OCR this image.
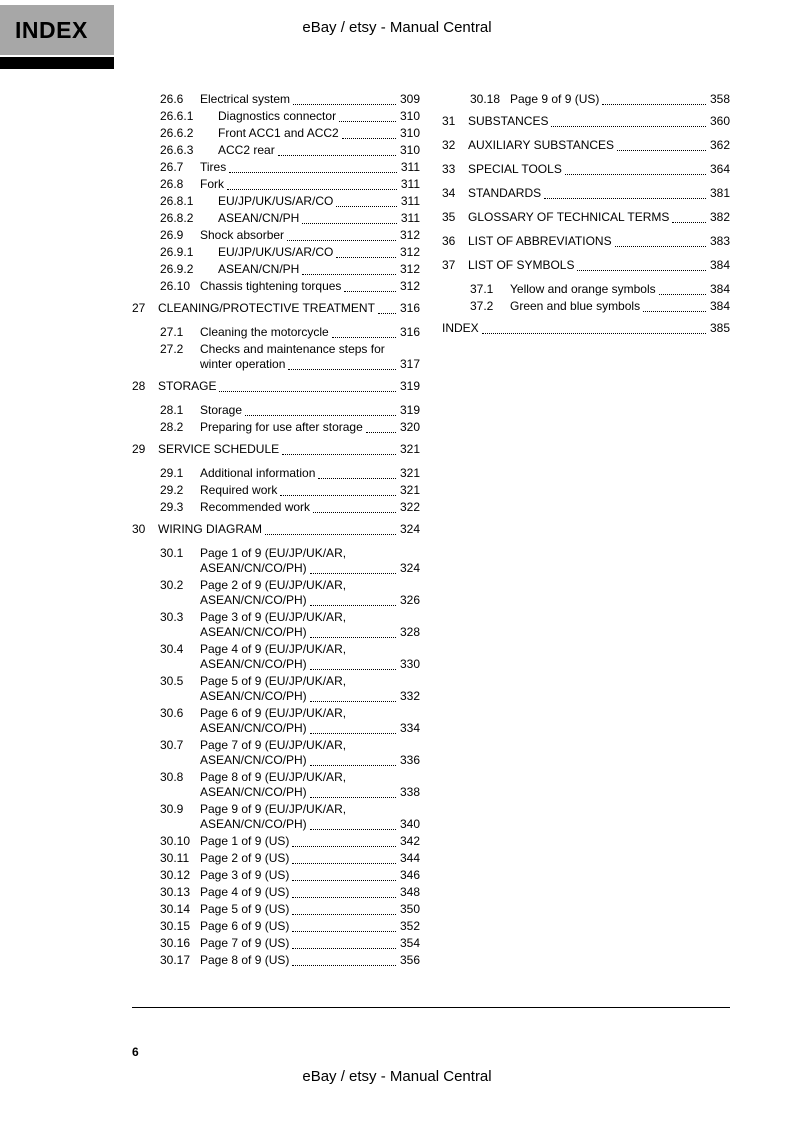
INDEX	eBay / etsy - Manual Central
26.6	Electrical system	309
26.6.1	Diagnostics connector	310
26.6.2	Front ACC1 and ACC2	310
26.6.3	ACC2 rear	310
26.7	Tires	311
26.8	Fork	311
26.8.1	EU/JP/UK/US/AR/CO	311
26.8.2	ASEAN/CN/PH	311
26.9	Shock absorber	312
26.9.1	EU/JP/UK/US/AR/CO	312
26.9.2	ASEAN/CN/PH	312
26.10 Chassis tightening torques	312
27	CLEANING/PROTECTIVE TREATMENT 316
27.1	Cleaning the motorcycle	316
27.2	Checks and maintenance steps for
winter operation	317
28	STORAGE	319
28.1	Storage	319
28.2	Preparing for use after storage	320
29	SERVICE SCHEDULE	321
29.1	Additional information	321
29.2	Required work	321
29.3	Recommended work	322
30	WIRING DIAGRAM	324
30.1	Page 1 of 9 (EU/JP/UK/AR,
ASEAN/CN/CO/PH)	324
30.2	Page 2 of 9 (EU/JP/UK/AR,
ASEAN/CN/CO/PH)	326
30.3	Page 3 of 9 (EU/JP/UK/AR,
ASEAN/CN/CO/PH)	328
30.4	Page 4 of 9 (EU/JP/UK/AR,
ASEAN/CN/CO/PH)	330
30.5	Page 5 of 9 (EU/JP/UK/AR,
ASEAN/CN/CO/PH)	332
30.6	Page 6 of 9 (EU/JP/UK/AR,
ASEAN/CN/CO/PH)	334
30.7	Page 7 of 9 (EU/JP/UK/AR,
ASEAN/CN/CO/PH)	336
30.8	Page 8 of 9 (EU/JP/UK/AR,
ASEAN/CN/CO/PH)	338
30.9	Page 9 of 9 (EU/JP/UK/AR,
ASEAN/CN/CO/PH)	340
30.10 Page 1 of 9 (US)	342
30.11 Page 2 of 9 (US)	344
30.12 Page 3 of 9 (US)	346
30.13 Page 4 of 9 (US)	348
30.14 Page 5 of 9 (US)	350
30.15 Page 6 of 9 (US)	352
30.16 Page 7 of 9 (US)	354
30.17 Page 8 of 9 (US)	356
30.18 Page 9 of 9 (US)	358
31	SUBSTANCES	360
32	AUXILIARY SUBSTANCES	362
33	SPECIAL TOOLS	364
34	STANDARDS	381
35	GLOSSARY OF TECHNICAL TERMS	382
36	LIST OF ABBREVIATIONS	383
37	LIST OF SYMBOLS	384
37.1	Yellow and orange symbols	384
37.2	Green and blue symbols	384
INDEX	385
6
eBay / etsy - Manual Central
